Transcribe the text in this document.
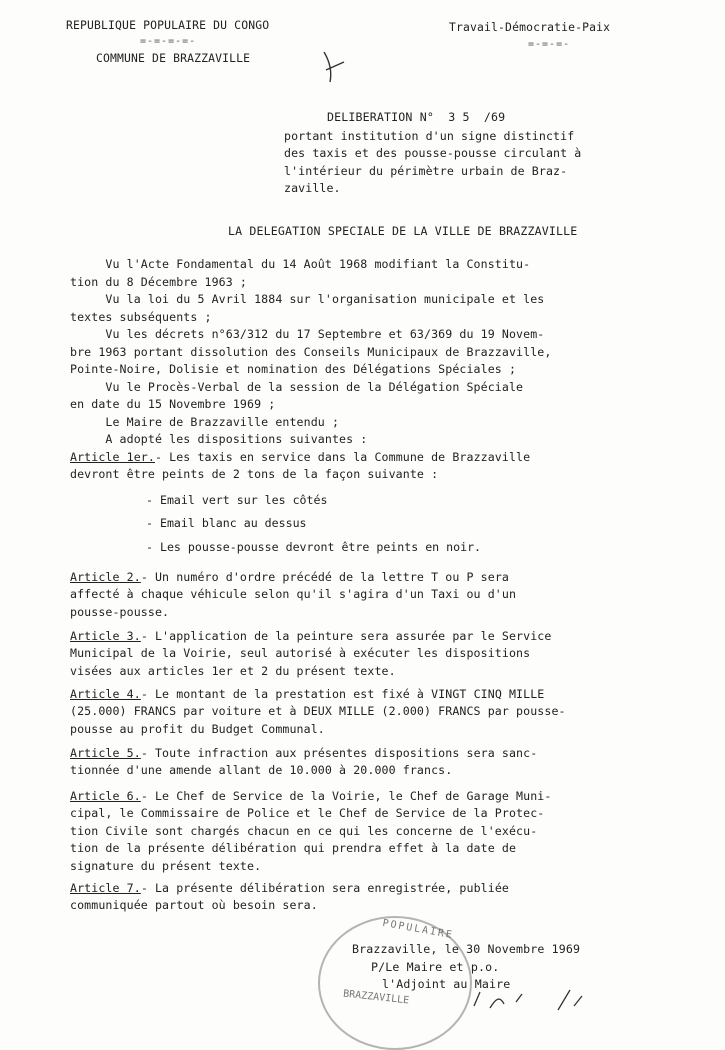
REPUBLIQUE POPULAIRE DU CONGO
=-=-=-=-
COMMUNE DE BRAZZAVILLE
Travail-Démocratie-Paix
=-=-=-
DELIBERATION N°  3 5  /69
portant institution d'un signe distinctif
des taxis et des pousse-pousse circulant à
l'intérieur du périmètre urbain de Braz-
zaville.
LA DELEGATION SPECIALE DE LA VILLE DE BRAZZAVILLE
Vu l'Acte Fondamental du 14 Août 1968 modifiant la Constitu-
tion du 8 Décembre 1963 ;
Vu la loi du 5 Avril 1884 sur l'organisation municipale et les
textes subséquents ;
Vu les décrets n°63/312 du 17 Septembre et 63/369 du 19 Novem-
bre 1963 portant dissolution des Conseils Municipaux de Brazzaville,
Pointe-Noire, Dolisie et nomination des Délégations Spéciales ;
Vu le Procès-Verbal de la session de la Délégation Spéciale
en date du 15 Novembre 1969 ;
Le Maire de Brazzaville entendu ;
A adopté les dispositions suivantes :
Article 1er.- Les taxis en service dans la Commune de Brazzaville
devront être peints de 2 tons de la façon suivante :
- Email vert sur les côtés
- Email blanc au dessus
- Les pousse-pousse devront être peints en noir.
Article 2.- Un numéro d'ordre précédé de la lettre T ou P sera
affecté à chaque véhicule selon qu'il s'agira d'un Taxi ou d'un
pousse-pousse.
Article 3.- L'application de la peinture sera assurée par le Service
Municipal de la Voirie, seul autorisé à exécuter les dispositions
visées aux articles 1er et 2 du présent texte.
Article 4.- Le montant de la prestation est fixé à VINGT CINQ MILLE
(25.000) FRANCS par voiture et à DEUX MILLE (2.000) FRANCS par pousse-
pousse au profit du Budget Communal.
Article 5.- Toute infraction aux présentes dispositions sera sanc-
tionnée d'une amende allant de 10.000 à 20.000 francs.
Article 6.- Le Chef de Service de la Voirie, le Chef de Garage Muni-
cipal, le Commissaire de Police et le Chef de Service de la Protec-
tion Civile sont chargés chacun en ce qui les concerne de l'exécu-
tion de la présente délibération qui prendra effet à la date de
signature du présent texte.
Article 7.- La présente délibération sera enregistrée, publiée
communiquée partout où besoin sera.
POPULAIRE
BRAZZAVILLE
Brazzaville, le 30 Novembre 1969
P/Le Maire et p.o.
l'Adjoint au Maire
